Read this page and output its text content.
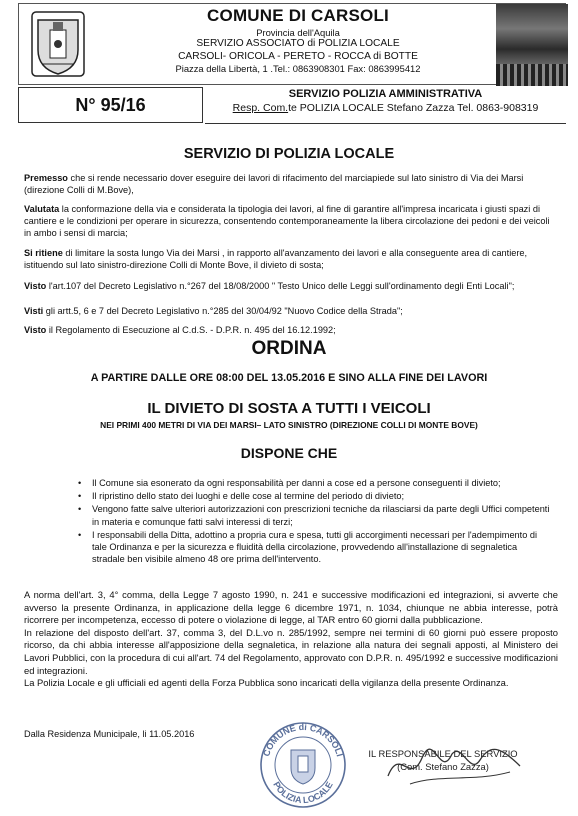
COMUNE DI CARSOLI
Provincia dell'Aquila
SERVIZIO ASSOCIATO di POLIZIA LOCALE
CARSOLI- ORICOLA - PERETO - ROCCA di BOTTE
Piazza della Libertà, 1 .Tel.: 0863908301 Fax: 0863995412
N° 95/16
SERVIZIO POLIZIA AMMINISTRATIVA
Resp. Com.te POLIZIA LOCALE Stefano Zazza Tel. 0863-908319
SERVIZIO DI POLIZIA LOCALE
Premesso che si rende necessario dover eseguire dei lavori di rifacimento del marciapiede sul lato sinistro di Via dei Marsi (direzione Colli di M.Bove),
Valutata la conformazione della via e considerata la tipologia dei lavori, al fine di garantire all'impresa incaricata i giusti spazi di cantiere e le condizioni per operare in sicurezza, consentendo contemporaneamente la libera circolazione dei pedoni e dei veicoli in ambo i sensi di marcia;
Si ritiene di limitare la sosta lungo Via dei Marsi , in rapporto all'avanzamento dei lavori e alla conseguente area di cantiere, istituendo sul lato sinistro-direzione Colli di Monte Bove, il divieto di sosta;
Visto l'art.107 del Decreto Legislativo n.°267 del 18/08/2000 " Testo Unico delle Leggi sull'ordinamento degli Enti Locali";
Visti gli artt.5, 6 e 7 del Decreto Legislativo n.°285 del 30/04/92 "Nuovo Codice della Strada";
Visto il Regolamento di Esecuzione al C.d.S. - D.P.R. n. 495 del 16.12.1992;
ORDINA
A PARTIRE DALLE ORE 08:00 DEL 13.05.2016 E SINO ALLA FINE DEI LAVORI
IL DIVIETO DI SOSTA A TUTTI I VEICOLI
NEI PRIMI 400 METRI DI VIA DEI MARSI– LATO SINISTRO (DIREZIONE COLLI DI MONTE BOVE)
DISPONE CHE
• Il Comune sia esonerato da ogni responsabilità per danni a cose ed a persone conseguenti il divieto;
• Il ripristino dello stato dei luoghi e delle cose al termine del periodo di divieto;
• Vengono fatte salve ulteriori autorizzazioni con prescrizioni tecniche da rilasciarsi da parte degli Uffici competenti in materia e comunque fatti salvi interessi di terzi;
• I responsabili della Ditta, adottino a propria cura e spesa, tutti gli accorgimenti necessari per l'adempimento di tale Ordinanza e per la sicurezza e fluidità della circolazione, provvedendo all'installazione di segnaletica stradale ben visibile almeno 48 ore prima dell'intervento.
A norma dell'art. 3, 4° comma, della Legge 7 agosto 1990, n. 241 e successive modificazioni ed integrazioni, si avverte che avverso la presente Ordinanza, in applicazione della legge 6 dicembre 1971, n. 1034, chiunque ne abbia interesse, potrà ricorrere per incompetenza, eccesso di potere o violazione di legge, al TAR entro 60 giorni dalla pubblicazione.
In relazione del disposto dell'art. 37, comma 3, del D.L.vo n. 285/1992, sempre nei termini di 60 giorni può essere proposto ricorso, da chi abbia interesse all'apposizione della segnaletica, in relazione alla natura dei segnali apposti, al Ministero dei Lavori Pubblici, con la procedura di cui all'art. 74 del Regolamento, approvato con D.P.R. n. 495/1992 e successive modificazioni ed integrazioni.
La Polizia Locale e gli ufficiali ed agenti della Forza Pubblica sono incaricati della vigilanza della presente Ordinanza.
Dalla Residenza Municipale, li 11.05.2016
COMUNE di CARSOLI
POLIZIA LOCALE
IL RESPONSABILE DEL SERVIZIO
(Com. Stefano Zazza)
